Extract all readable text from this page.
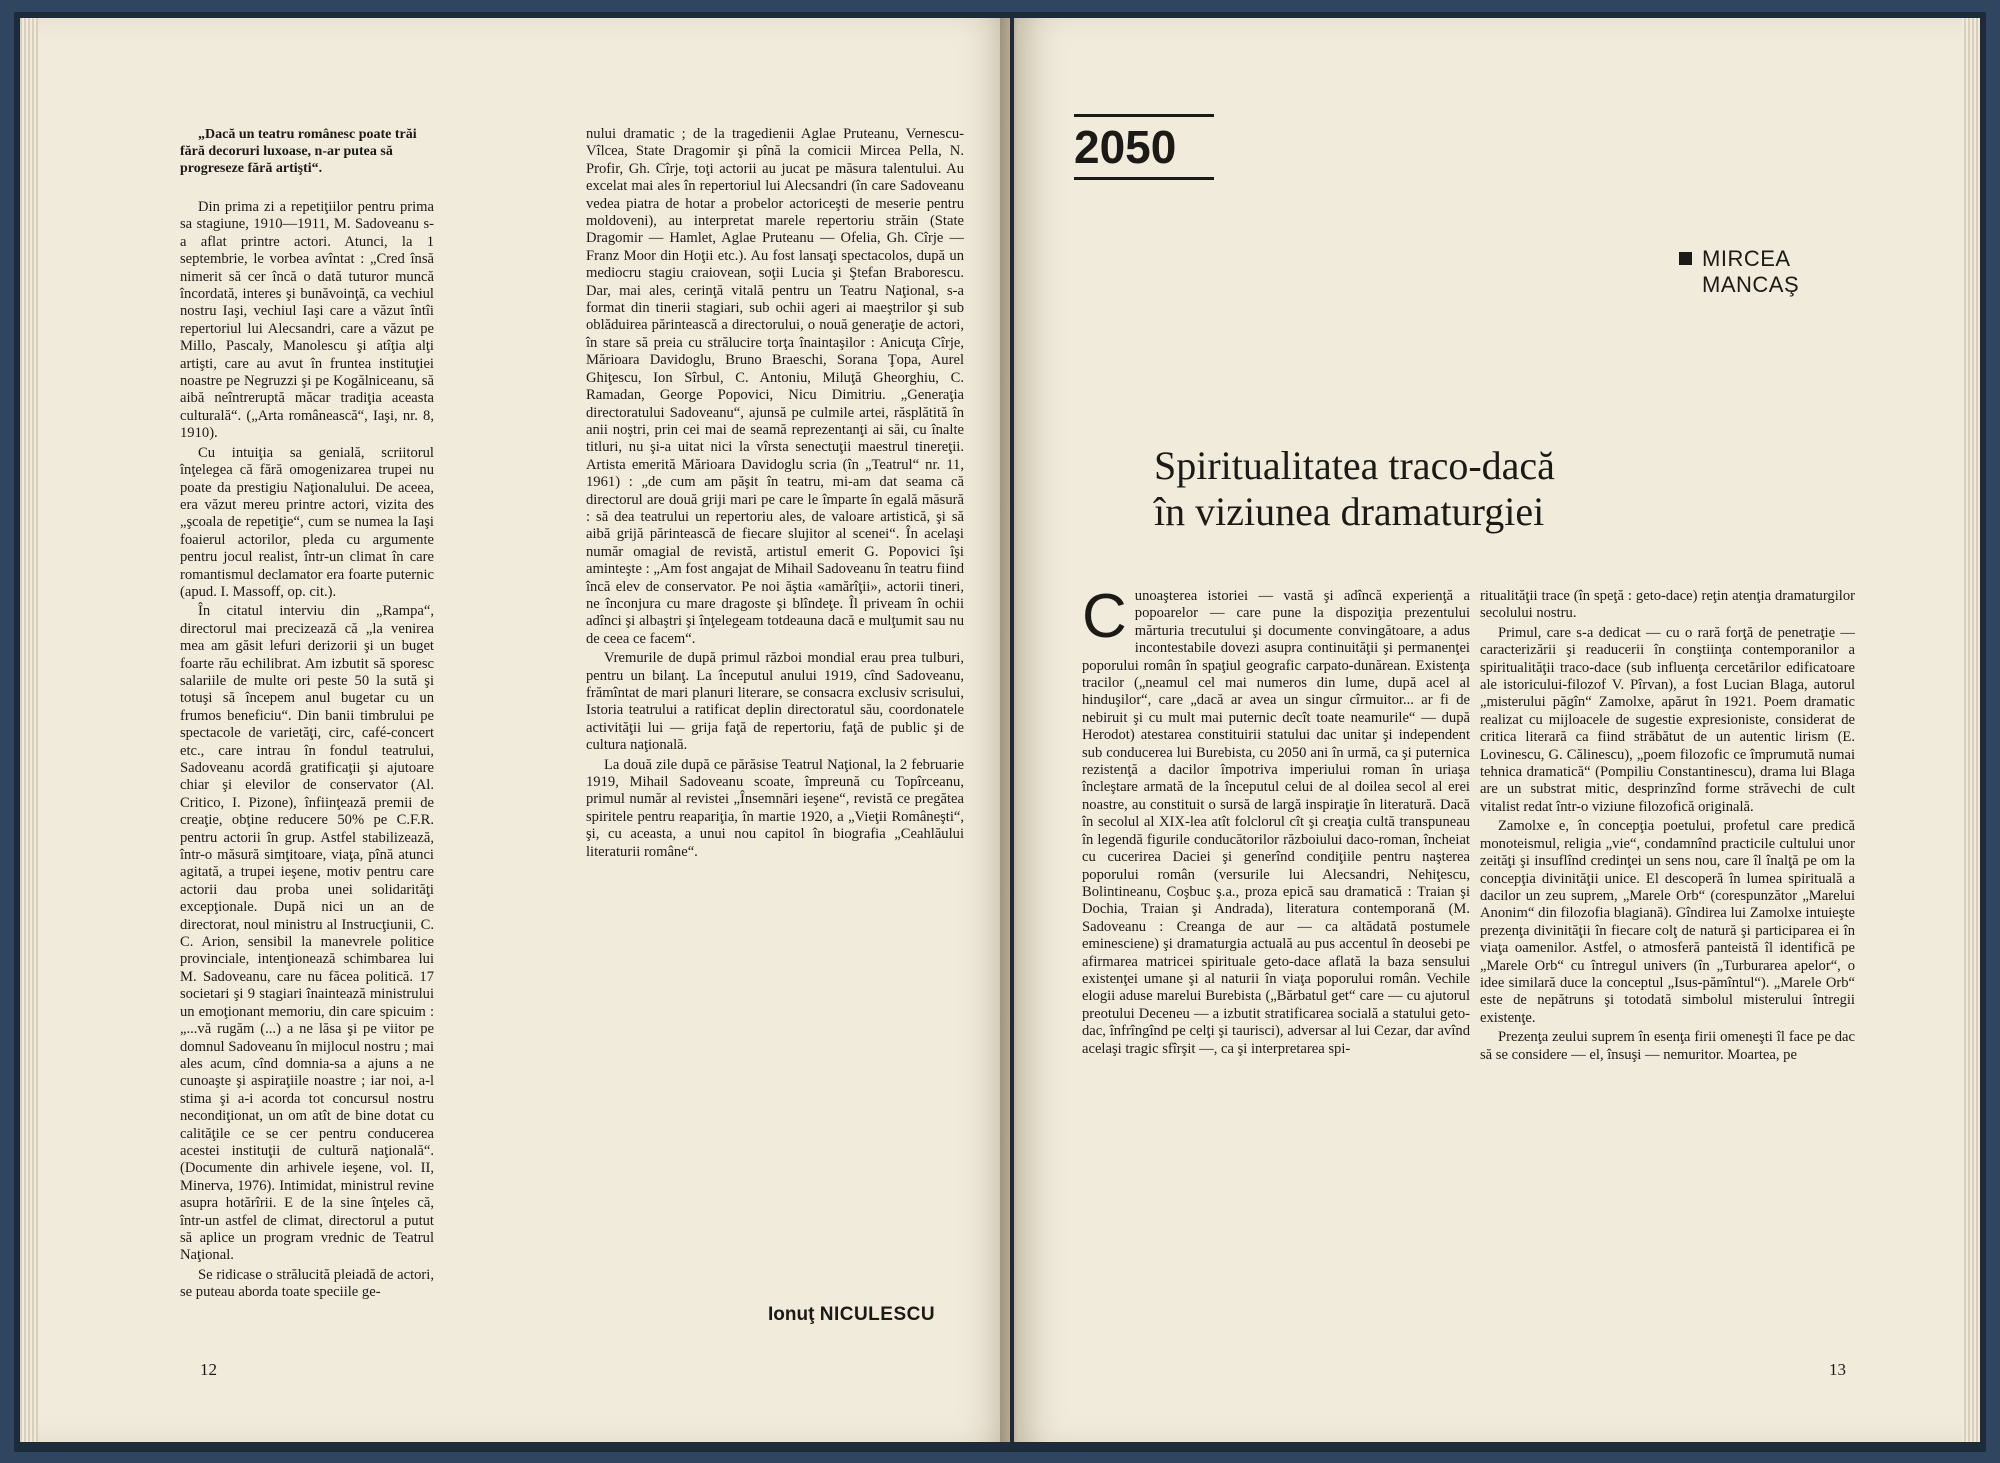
„Dacă un teatru românesc poate trăi fără decoruri luxoase, n-ar putea să progreseze fără artişti“.

Din prima zi a repetiţiilor pentru prima sa stagiune, 1910—1911, M. Sadoveanu s-a aflat printre actori. Atunci, la 1 septembrie, le vorbea avîntat : „Cred însă nimerit să cer încă o dată tuturor muncă încordată, interes şi bunăvoinţă, ca vechiul nostru Iaşi, vechiul Iaşi care a văzut întîi repertoriul lui Alecsandri, care a văzut pe Millo, Pascaly, Manolescu şi atîţia alţi artişti, care au avut în fruntea instituţiei noastre pe Negruzzi şi pe Kogălniceanu, să aibă neîntreruptă măcar tradiţia aceasta culturală“. („Arta românească“, Iaşi, nr. 8, 1910).

Cu intuiţia sa genială, scriitorul înţelegea că fără omogenizarea trupei nu poate da prestigiu Naţionalului. De aceea, era văzut mereu printre actori, vizita des „şcoala de repetiţie“, cum se numea la Iaşi foaierul actorilor, pleda cu argumente pentru jocul realist, într-un climat în care romantismul declamator era foarte puternic (apud. I. Massoff, op. cit.).

În citatul interviu din „Rampa“, directorul mai precizează că „la venirea mea am găsit lefuri derizorii şi un buget foarte rău echilibrat. Am izbutit să sporesc salariile de multe ori peste 50 la sută şi totuşi să începem anul bugetar cu un frumos beneficiu“. Din banii timbrului pe spectacole de varietăţi, circ, café-concert etc., care intrau în fondul teatrului, Sadoveanu acordă gratificaţii şi ajutoare chiar şi elevilor de conservator (Al. Critico, I. Pizone), înfiinţează premii de creaţie, obţine reducere 50% pe C.F.R. pentru actorii în grup. Astfel stabilizează, într-o măsură simţitoare, viaţa, pînă atunci agitată, a trupei ieşene, motiv pentru care actorii dau proba unei solidarităţi excepţionale. După nici un an de directorat, noul ministru al Instrucţiunii, C. C. Arion, sensibil la manevrele politice provinciale, intenţionează schimbarea lui M. Sadoveanu, care nu făcea politică. 17 societari şi 9 stagiari înaintează ministrului un emoţionant memoriu, din care spicuim : „...vă rugăm (...) a ne lăsa şi pe viitor pe domnul Sadoveanu în mijlocul nostru ; mai ales acum, cînd domnia-sa a ajuns a ne cunoaşte şi aspiraţiile noastre ; iar noi, a-l stima şi a-i acorda tot concursul nostru necondiţionat, un om atît de bine dotat cu calităţile ce se cer pentru conducerea acestei instituţii de cultură naţională“. (Documente din arhivele ieşene, vol. II, Minerva, 1976). Intimidat, ministrul revine asupra hotărîrii. E de la sine înţeles că, într-un astfel de climat, directorul a putut să aplice un program vrednic de Teatrul Naţional.

Se ridicase o strălucită pleiadă de actori, se puteau aborda toate speciile ge-

nului dramatic ; de la tragedienii Aglae Pruteanu, Vernescu-Vîlcea, State Dragomir şi pînă la comicii Mircea Pella, N. Profir, Gh. Cîrje, toţi actorii au jucat pe măsura talentului. Au excelat mai ales în repertoriul lui Alecsandri (în care Sadoveanu vedea piatra de hotar a probelor actoriceşti de meserie pentru moldoveni), au interpretat marele repertoriu străin (State Dragomir — Hamlet, Aglae Pruteanu — Ofelia, Gh. Cîrje — Franz Moor din Hoţii etc.). Au fost lansaţi spectacolos, după un mediocru stagiu craiovean, soţii Lucia şi Ştefan Braborescu. Dar, mai ales, cerinţă vitală pentru un Teatru Naţional, s-a format din tinerii stagiari, sub ochii ageri ai maeştrilor şi sub oblăduirea părintească a directorului, o nouă generaţie de actori, în stare să preia cu strălucire torţa înaintaşilor : Anicuţa Cîrje, Mărioara Davidoglu, Bruno Braeschi, Sorana Ţopa, Aurel Ghiţescu, Ion Sîrbul, C. Antoniu, Miluţă Gheorghiu, C. Ramadan, George Popovici, Nicu Dimitriu. „Generaţia directoratului Sadoveanu“, ajunsă pe culmile artei, răsplătită în anii noştri, prin cei mai de seamă reprezentanţi ai săi, cu înalte titluri, nu şi-a uitat nici la vîrsta senectuţii maestrul tinereţii. Artista emerită Mărioara Davidoglu scria (în „Teatrul“ nr. 11, 1961) : „de cum am păşit în teatru, mi-am dat seama că directorul are două griji mari pe care le împarte în egală măsură : să dea teatrului un repertoriu ales, de valoare artistică, şi să aibă grijă părintească de fiecare slujitor al scenei“. În acelaşi număr omagial de revistă, artistul emerit G. Popovici îşi aminteşte : „Am fost angajat de Mihail Sadoveanu în teatru fiind încă elev de conservator. Pe noi ăştia «amărîţii», actorii tineri, ne înconjura cu mare dragoste şi blîndeţe. Îl priveam în ochii adînci şi albaştri şi înţelegeam totdeauna dacă e mulţumit sau nu de ceea ce facem“.

Vremurile de după primul război mondial erau prea tulburi, pentru un bilanţ. La începutul anului 1919, cînd Sadoveanu, frămîntat de mari planuri literare, se consacra exclusiv scrisului, Istoria teatrului a ratificat deplin directoratul său, coordonatele activităţii lui — grija faţă de repertoriu, faţă de public şi de cultura naţională.

La două zile după ce părăsise Teatrul Naţional, la 2 februarie 1919, Mihail Sadoveanu scoate, împreună cu Topîrceanu, primul număr al revistei „Însemnări ieşene“, revistă ce pregătea spiritele pentru reapariţia, în martie 1920, a „Vieţii Româneşti“, şi, cu aceasta, a unui nou capitol în biografia „Ceahlăului literaturii române“.

Ionuţ NICULESCU
12
2050
MIRCEA
MANCAŞ
Spiritualitatea traco-dacă
în viziunea dramaturgiei

Cunoaşterea istoriei — vastă şi adîncă experienţă a popoarelor — care pune la dispoziţia prezentului mărturia trecutului şi documente convingătoare, a adus incontestabile dovezi asupra continuităţii şi permanenţei poporului român în spaţiul geografic carpato-dunărean. Existenţa tracilor („neamul cel mai numeros din lume, după acel al hinduşilor“, care „dacă ar avea un singur cîrmuitor... ar fi de nebiruit şi cu mult mai puternic decît toate neamurile“ — după Herodot) atestarea constituirii statului dac unitar şi independent sub conducerea lui Burebista, cu 2050 ani în urmă, ca şi puternica rezistenţă a dacilor împotriva imperiului roman în uriaşa încleştare armată de la începutul celui de al doilea secol al erei noastre, au constituit o sursă de largă inspiraţie în literatură. Dacă în secolul al XIX-lea atît folclorul cît şi creaţia cultă transpuneau în legendă figurile conducătorilor războiului daco-roman, încheiat cu cucerirea Daciei şi generînd condiţiile pentru naşterea poporului român (versurile lui Alecsandri, Nehiţescu, Bolintineanu, Coşbuc ş.a., proza epică sau dramatică : Traian şi Dochia, Traian şi Andrada), literatura contemporană (M. Sadoveanu : Creanga de aur — ca altădată postumele eminesciene) şi dramaturgia actuală au pus accentul în deosebi pe afirmarea matricei spirituale geto-dace aflată la baza sensului existenţei umane şi al naturii în viaţa poporului român. Vechile elogii aduse marelui Burebista („Bărbatul get“ care — cu ajutorul preotului Deceneu — a izbutit stratificarea socială a statului geto-dac, înfrîngînd pe celţi şi taurisci), adversar al lui Cezar, dar avînd acelaşi tragic sfîrşit —, ca şi interpretarea spi-

ritualităţii trace (în speţă : geto-dace) reţin atenţia dramaturgilor secolului nostru.

Primul, care s-a dedicat — cu o rară forţă de penetraţie — caracterizării şi readucerii în conştiinţa contemporanilor a spiritualităţii traco-dace (sub influenţa cercetărilor edificatoare ale istoricului-filozof V. Pîrvan), a fost Lucian Blaga, autorul „misterului păgîn“ Zamolxe, apărut în 1921. Poem dramatic realizat cu mijloacele de sugestie expresioniste, considerat de critica literară ca fiind străbătut de un autentic lirism (E. Lovinescu, G. Călinescu), „poem filozofic ce împrumută numai tehnica dramatică“ (Pompiliu Constantinescu), drama lui Blaga are un substrat mitic, desprinzînd forme străvechi de cult vitalist redat într-o viziune filozofică originală.

Zamolxe e, în concepţia poetului, profetul care predică monoteismul, religia „vie“, condamnînd practicile cultului unor zeităţi şi insuflînd credinţei un sens nou, care îl înalţă pe om la concepţia divinităţii unice. El descoperă în lumea spirituală a dacilor un zeu suprem, „Marele Orb“ (corespunzător „Marelui Anonim“ din filozofia blagiană). Gîndirea lui Zamolxe intuieşte prezenţa divinităţii în fiecare colţ de natură şi participarea ei în viaţa oamenilor. Astfel, o atmosferă panteistă îl identifică pe „Marele Orb“ cu întregul univers (în „Turburarea apelor“, o idee similară duce la conceptul „Isus-pămîntul“). „Marele Orb“ este de nepătruns şi totodată simbolul misterului întregii existenţe.

Prezenţa zeului suprem în esenţa firii omeneşti îl face pe dac să se considere — el, însuşi — nemuritor. Moartea, pe

13
